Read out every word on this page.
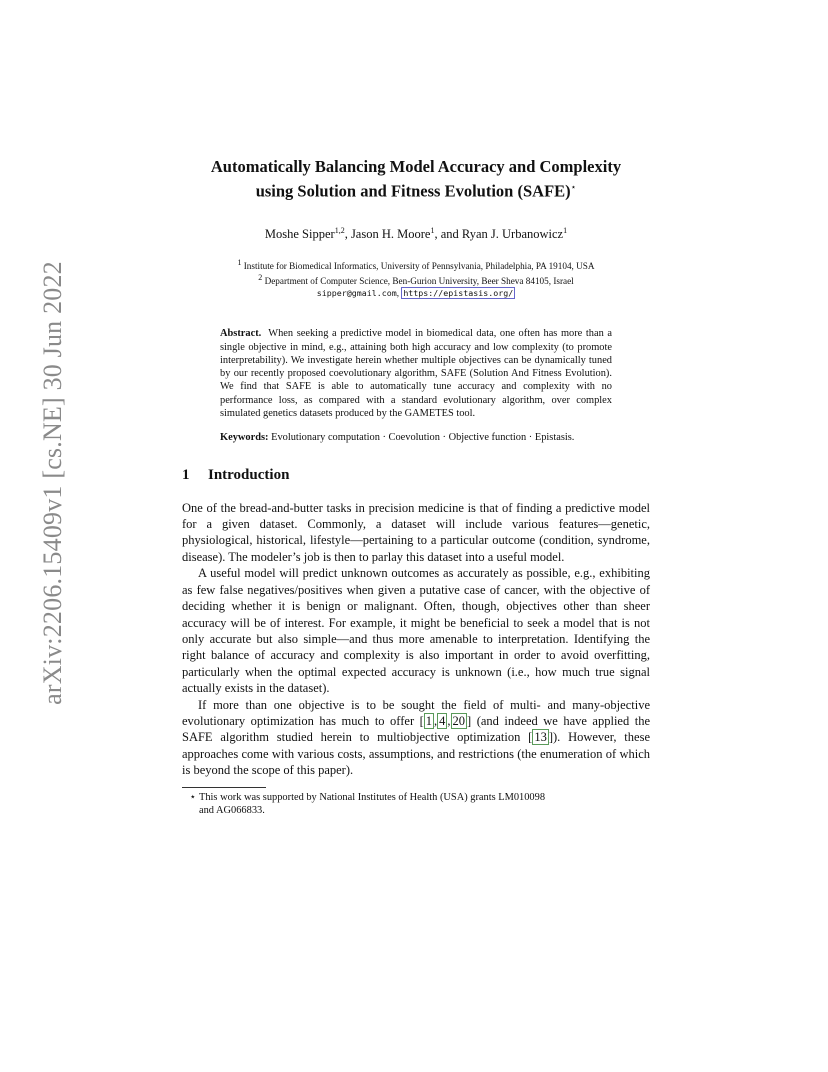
arXiv:2206.15409v1 [cs.NE] 30 Jun 2022
Automatically Balancing Model Accuracy and Complexity
using Solution and Fitness Evolution (SAFE)⋆
Moshe Sipper$^{1,2}$, Jason H. Moore$^1$, and Ryan J. Urbanowicz$^1$
$^1$ Institute for Biomedical Informatics, University of Pennsylvania, Philadelphia, PA 19104, USA
$^2$ Department of Computer Science, Ben-Gurion University, Beer Sheva 84105, Israel
sipper@gmail.com, https://epistasis.org/
Abstract. When seeking a predictive model in biomedical data, one often has more than a single objective in mind, e.g., attaining both high accuracy and low complexity (to promote interpretability). We investigate herein whether multiple objectives can be dynamically tuned by our recently proposed coevolutionary algorithm, SAFE (Solution And Fitness Evolution). We find that SAFE is able to automatically tune accuracy and complexity with no performance loss, as compared with a standard evolutionary algorithm, over complex simulated genetics datasets produced by the GAMETES tool.
Keywords: Evolutionary computation · Coevolution · Objective function · Epistasis.
1 Introduction

One of the bread-and-butter tasks in precision medicine is that of finding a predictive model for a given dataset. Commonly, a dataset will include various features—genetic, physiological, historical, lifestyle—pertaining to a particular outcome (condition, syndrome, disease). The modeler’s job is then to parlay this dataset into a useful model.

A useful model will predict unknown outcomes as accurately as possible, e.g., exhibiting as few false negatives/positives when given a putative case of cancer, with the objective of deciding whether it is benign or malignant. Often, though, objectives other than sheer accuracy will be of interest. For example, it might be beneficial to seek a model that is not only accurate but also simple—and thus more amenable to interpretation. Identifying the right balance of accuracy and complexity is also important in order to avoid overfitting, particularly when the optimal expected accuracy is unknown (i.e., how much true signal actually exists in the dataset).

If more than one objective is to be sought the field of multi- and many-objective evolutionary optimization has much to offer [ 1 , 4 , 20 ] (and indeed we have applied the SAFE algorithm studied herein to multiobjective optimization [ 13 ]). However, these approaches come with various costs, assumptions, and restrictions (the enumeration of which is beyond the scope of this paper).

⋆ This work was supported by National Institutes of Health (USA) grants LM010098
and AG066833.
